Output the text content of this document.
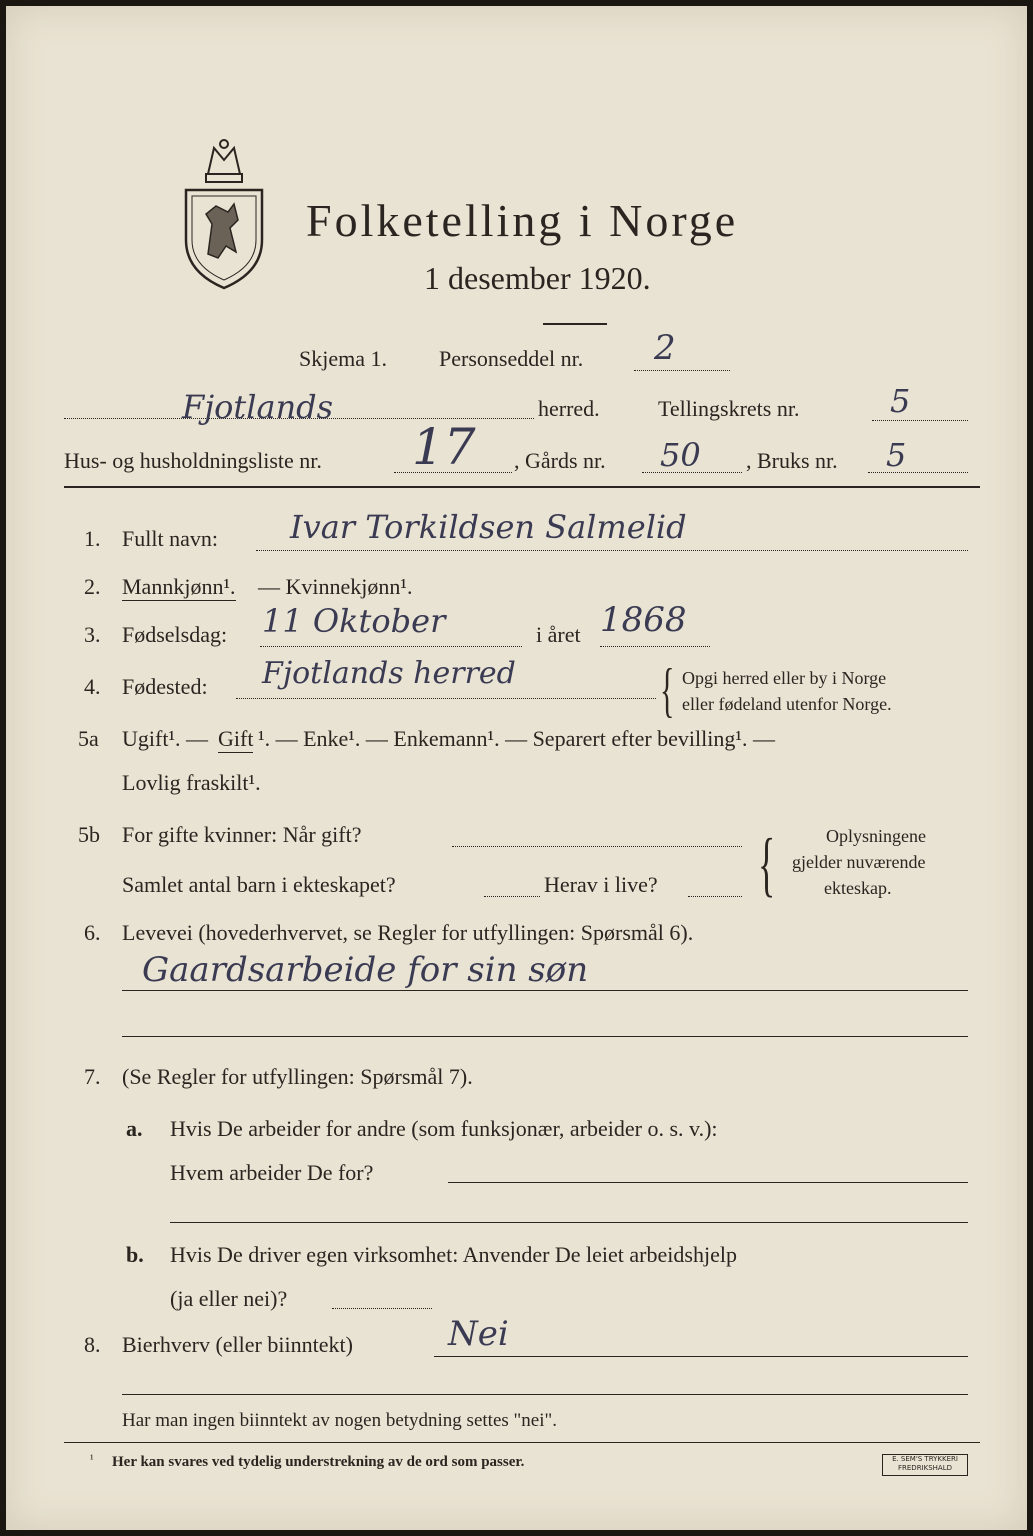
Folketelling i Norge
1 desember 1920.
Skjema 1. Personseddel nr. 2
Fjotlands	herred.	Tellingskrets nr.	5
Hus- og husholdningsliste nr. 17 , Gårds nr. 50 , Bruks nr. 5
1. Fullt navn: Ivar Torkildsen Salmelid
2. Mannkjønn¹. — Kvinnekjønn¹.
3. Fødselsdag: 11 Oktober	i året 1868
4. Fødested: Fjotlands herred { Opgi herred eller by i Norge
eller fødeland utenfor Norge.
5a Ugift¹. — Gift ¹. — Enke¹. — Enkemann¹. — Separert efter bevilling¹. —
Lovlig fraskilt¹.
5b For gifte kvinner: Når gift?
Samlet antal barn i ekteskapet?	Herav i live? {	Oplysningene
gjelder nuværende
ekteskap.
6. Levevei (hovederhvervet, se Regler for utfyllingen: Spørsmål 6).
Gaardsarbeide for sin søn
7. (Se Regler for utfyllingen: Spørsmål 7).
a. Hvis De arbeider for andre (som funksjonær, arbeider o. s. v.):
Hvem arbeider De for?
b. Hvis De driver egen virksomhet: Anvender De leiet arbeidshjelp
(ja eller nei)?
8. Bierhverv (eller biinntekt)	Nei
Har man ingen biinntekt av nogen betydning settes "nei".
¹ Her kan svares ved tydelig understrekning av de ord som passer.	E. SEM'S TRYKKERI FREDRIKSHALD
